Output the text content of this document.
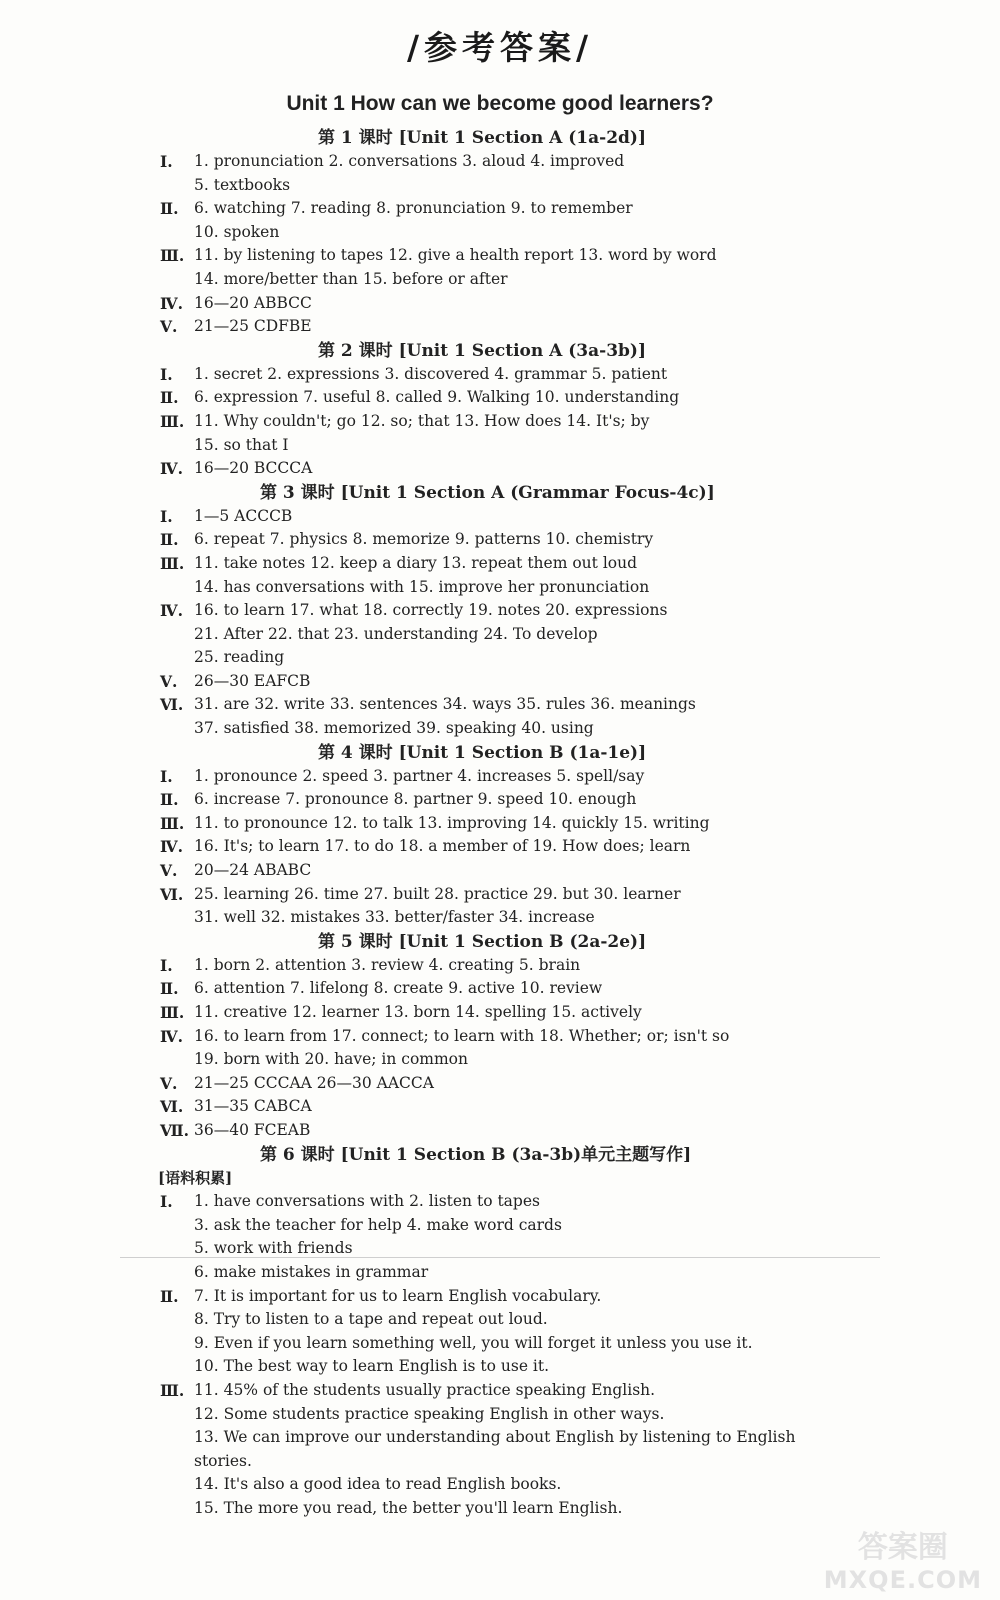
/参考答案/
Unit 1 How can we become good learners?
第 1 课时 [Unit 1 Section A (1a-2d)]
Ⅰ. 1. pronunciation 2. conversations 3. aloud 4. improved
5. textbooks
Ⅱ. 6. watching 7. reading 8. pronunciation 9. to remember
10. spoken
Ⅲ. 11. by listening to tapes 12. give a health report 13. word by word
14. more/better than 15. before or after
Ⅳ. 16—20 ABBCC
Ⅴ. 21—25 CDFBE
第 2 课时 [Unit 1 Section A (3a-3b)]
Ⅰ. 1. secret 2. expressions 3. discovered 4. grammar 5. patient
Ⅱ. 6. expression 7. useful 8. called 9. Walking 10. understanding
Ⅲ. 11. Why couldn't; go 12. so; that 13. How does 14. It's; by
15. so that I
Ⅳ. 16—20 BCCCA
第 3 课时 [Unit 1 Section A (Grammar Focus-4c)]
Ⅰ. 1—5 ACCCB
Ⅱ. 6. repeat 7. physics 8. memorize 9. patterns 10. chemistry
Ⅲ. 11. take notes 12. keep a diary 13. repeat them out loud
14. has conversations with 15. improve her pronunciation
Ⅳ. 16. to learn 17. what 18. correctly 19. notes 20. expressions
21. After 22. that 23. understanding 24. To develop
25. reading
Ⅴ. 26—30 EAFCB
Ⅵ. 31. are 32. write 33. sentences 34. ways 35. rules 36. meanings
37. satisfied 38. memorized 39. speaking 40. using
第 4 课时 [Unit 1 Section B (1a-1e)]
Ⅰ. 1. pronounce 2. speed 3. partner 4. increases 5. spell/say
Ⅱ. 6. increase 7. pronounce 8. partner 9. speed 10. enough
Ⅲ. 11. to pronounce 12. to talk 13. improving 14. quickly 15. writing
Ⅳ. 16. It's; to learn 17. to do 18. a member of 19. How does; learn
Ⅴ. 20—24 ABABC
Ⅵ. 25. learning 26. time 27. built 28. practice 29. but 30. learner
31. well 32. mistakes 33. better/faster 34. increase
第 5 课时 [Unit 1 Section B (2a-2e)]
Ⅰ. 1. born 2. attention 3. review 4. creating 5. brain
Ⅱ. 6. attention 7. lifelong 8. create 9. active 10. review
Ⅲ. 11. creative 12. learner 13. born 14. spelling 15. actively
Ⅳ. 16. to learn from 17. connect; to learn with 18. Whether; or; isn't so
19. born with 20. have; in common
Ⅴ. 21—25 CCCAA 26—30 AACCA
Ⅵ. 31—35 CABCA
Ⅶ. 36—40 FCEAB
第 6 课时 [Unit 1 Section B (3a-3b)单元主题写作]
[语料积累]
Ⅰ. 1. have conversations with 2. listen to tapes
3. ask the teacher for help 4. make word cards
5. work with friends
6. make mistakes in grammar
Ⅱ. 7. It is important for us to learn English vocabulary.
8. Try to listen to a tape and repeat out loud.
9. Even if you learn something well, you will forget it unless you use it.
10. The best way to learn English is to use it.
Ⅲ. 11. 45% of the students usually practice speaking English.
12. Some students practice speaking English in other ways.
13. We can improve our understanding about English by listening to English stories.
14. It's also a good idea to read English books.
15. The more you read, the better you'll learn English.
答案圈
MXQE.COM
